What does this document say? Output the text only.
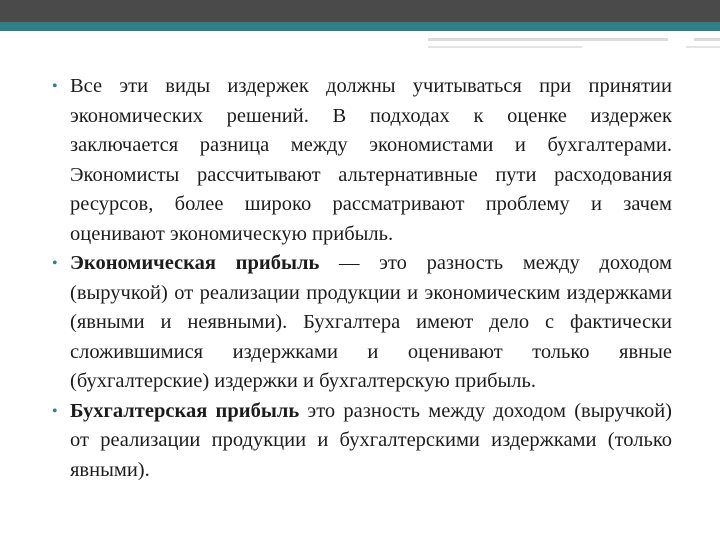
• Все эти виды издержек должны учитываться при принятии экономических решений. В подходах к оценке издержек заключается разница между экономистами и бухгалтерами. Экономисты рассчитывают альтернативные пути расходования ресурсов, более широко рассматривают проблему и зачем оценивают экономическую прибыль.
• Экономическая прибыль — это разность между доходом (выручкой) от реализации продукции и экономическим издержками (явными и неявными). Бухгалтера имеют дело с фактически сложившимися издержками и оценивают только явные (бухгалтерские) издержки и бухгалтерскую прибыль.
• Бухгалтерская прибыль это разность между доходом (выручкой) от реализации продукции и бухгалтерскими издержками (только явными).
